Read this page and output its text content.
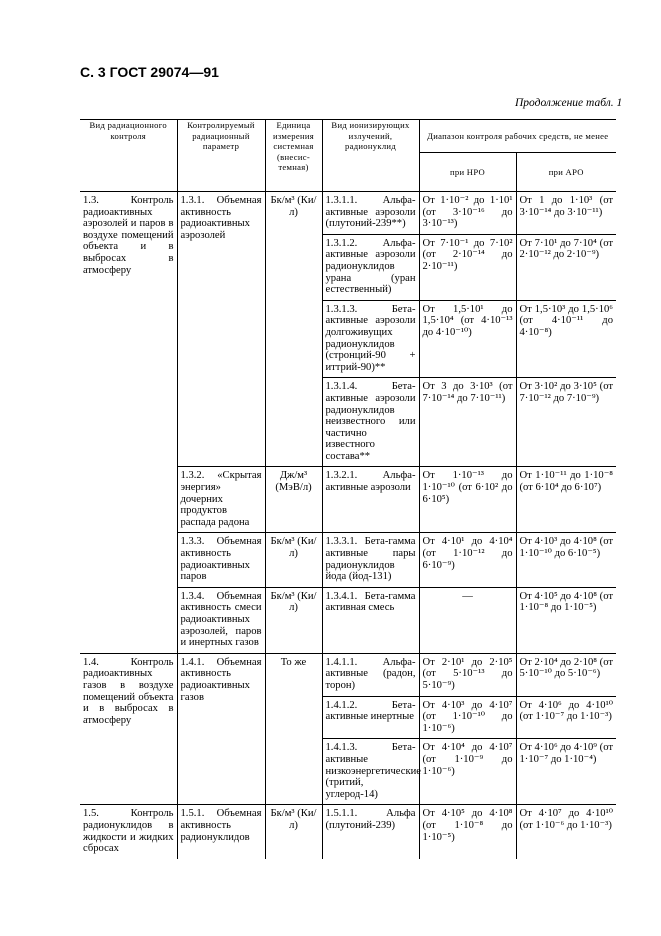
С. 3 ГОСТ 29074—91
Продолжение табл. 1
Вид радиационного контроля	Контролируемый радиационный параметр	Единица измерения системная (внесис-темная)	Вид ионизирующих излучений, радионуклид	Диапазон контроля рабочих средств, не менее	
				при НРО	при АРО
1.3. Контроль радиоактивных аэрозолей и паров в воздухе помещений объекта и в выбросах в атмосферу	1.3.1. Объемная активность радиоактивных аэрозолей	Бк/м³ (Ки/л)	1.3.1.1. Альфа-активные аэрозоли (плутоний-239**)	От 1·10⁻² до 1·10¹ (от 3·10⁻¹⁶ до 3·10⁻¹³)	От 1 до 1·10³ (от 3·10⁻¹⁴ до 3·10⁻¹¹)
			1.3.1.2. Альфа-активные аэрозоли радионуклидов урана (уран естественный)	От 7·10⁻¹ до 7·10² (от 2·10⁻¹⁴ до 2·10⁻¹¹)	От 7·10¹ до 7·10⁴ (от 2·10⁻¹² до 2·10⁻⁹)
			1.3.1.3. Бета-активные аэрозоли долгоживущих радионуклидов (стронций-90 + иттрий-90)**	От 1,5·10¹ до 1,5·10⁴ (от 4·10⁻¹³ до 4·10⁻¹⁰)	От 1,5·10³ до 1,5·10⁶ (от 4·10⁻¹¹ до 4·10⁻⁸)
			1.3.1.4. Бета-активные аэрозоли радионуклидов неизвестного или частично известного состава**	От 3 до 3·10³ (от 7·10⁻¹⁴ до 7·10⁻¹¹)	От 3·10² до 3·10⁵ (от 7·10⁻¹² до 7·10⁻⁹)
	1.3.2. «Скрытая энергия» дочерних продуктов распада радона	Дж/м³ (МэВ/л)	1.3.2.1. Альфа-активные аэрозоли	От 1·10⁻¹³ до 1·10⁻¹⁰ (от 6·10² до 6·10⁵)	От 1·10⁻¹¹ до 1·10⁻⁸ (от 6·10⁴ до 6·10⁷)
	1.3.3. Объемная активность радиоактивных паров	Бк/м³ (Ки/л)	1.3.3.1. Бета-гамма активные пары радионуклидов йода (йод-131)	От 4·10¹ до 4·10⁴ (от 1·10⁻¹² до 6·10⁻⁹)	От 4·10³ до 4·10⁸ (от 1·10⁻¹⁰ до 6·10⁻⁵)
	1.3.4. Объемная активность смеси радиоактивных аэрозолей, паров и инертных газов	Бк/м³ (Ки/л)	1.3.4.1. Бета-гамма активная смесь	—	От 4·10⁵ до 4·10⁸ (от 1·10⁻⁸ до 1·10⁻⁵)
1.4. Контроль радиоактивных газов в воздухе помещений объекта и в выбросах в атмосферу	1.4.1. Объемная активность радиоактивных газов	То же	1.4.1.1. Альфа-активные (радон, торон)	От 2·10¹ до 2·10⁵ (от 5·10⁻¹³ до 5·10⁻⁹)	От 2·10⁴ до 2·10⁸ (от 5·10⁻¹⁰ до 5·10⁻⁶)
			1.4.1.2. Бета-активные инертные	От 4·10³ до 4·10⁷ (от 1·10⁻¹⁰ до 1·10⁻⁶)	От 4·10⁶ до 4·10¹⁰ (от 1·10⁻⁷ до 1·10⁻³)
			1.4.1.3. Бета-активные низкоэнергетические (тритий, углерод-14)	От 4·10⁴ до 4·10⁷ (от 1·10⁻⁹ до 1·10⁻⁶)	От 4·10⁶ до 4·10⁹ (от 1·10⁻⁷ до 1·10⁻⁴)
1.5. Контроль радионуклидов в жидкости и жидких сбросах	1.5.1. Объемная активность радионуклидов	Бк/м³ (Ки/л)	1.5.1.1. Альфа (плутоний-239)	От 4·10⁵ до 4·10⁸ (от 1·10⁻⁸ до 1·10⁻⁵)	От 4·10⁷ до 4·10¹⁰ (от 1·10⁻⁶ до 1·10⁻³)
